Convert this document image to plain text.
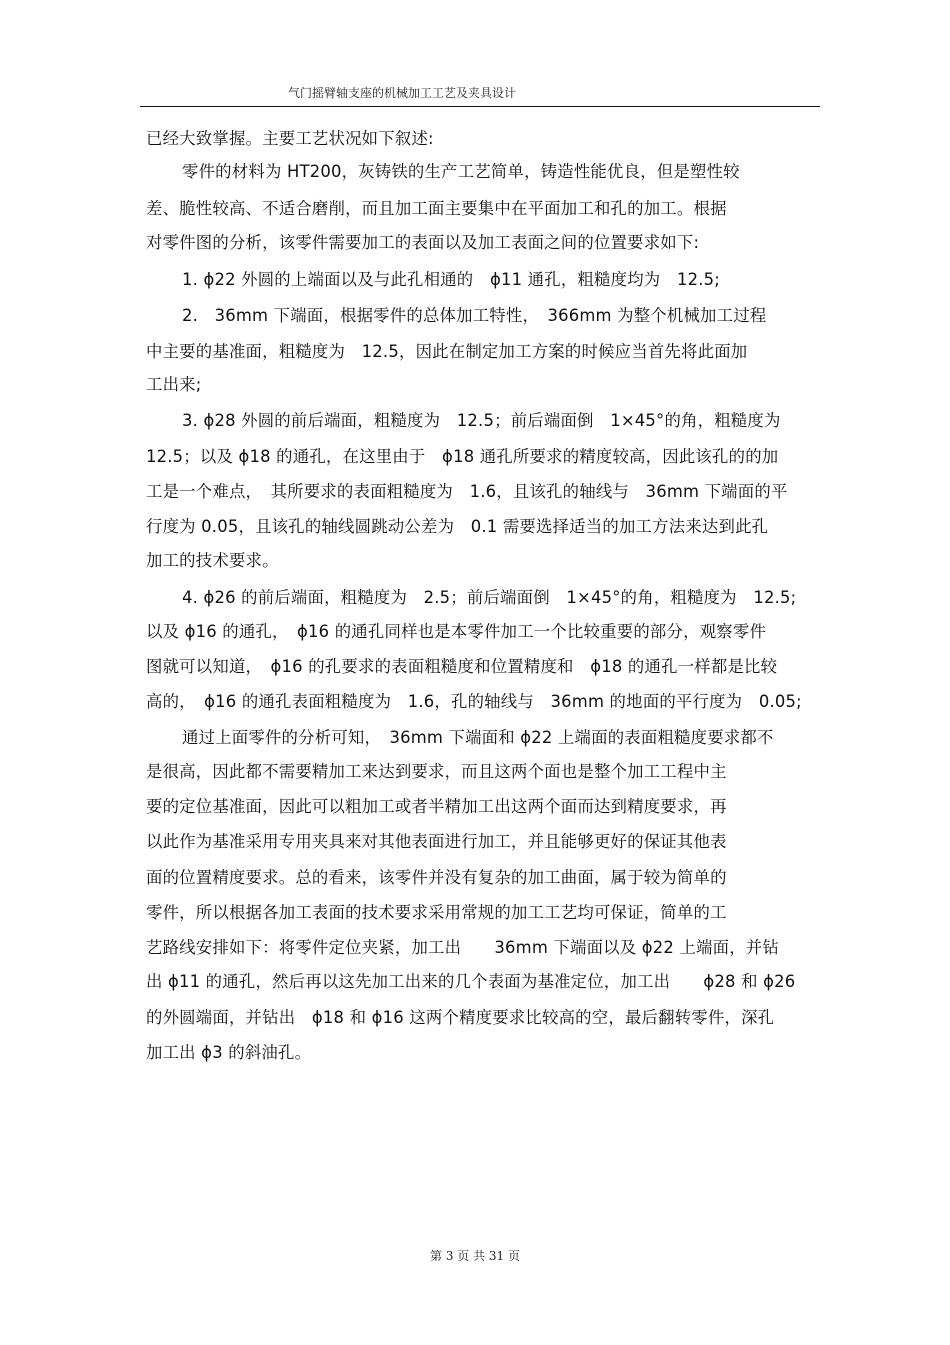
气门摇臂轴支座的机械加工工艺及夹具设计
已经大致掌握。主要工艺状况如下叙述:
零件的材料为 HT200，灰铸铁的生产工艺简单，铸造性能优良，但是塑性较
差、脆性较高、不适合磨削，而且加工面主要集中在平面加工和孔的加工。根据
对零件图的分析，该零件需要加工的表面以及加工表面之间的位置要求如下:
1. ϕ22 外圆的上端面以及与此孔相通的　ϕ11 通孔，粗糙度均为　12.5;
2.　36mm 下端面，根据零件的总体加工特性，　366mm 为整个机械加工过程
中主要的基准面，粗糙度为　12.5，因此在制定加工方案的时候应当首先将此面加
工出来;
3. ϕ28 外圆的前后端面，粗糙度为　12.5；前后端面倒　1×45°的角，粗糙度为
12.5；以及 ϕ18 的通孔，在这里由于　ϕ18 通孔所要求的精度较高，因此该孔的的加
工是一个难点，　其所要求的表面粗糙度为　1.6，且该孔的轴线与　36mm 下端面的平
行度为 0.05，且该孔的轴线圆跳动公差为　0.1 需要选择适当的加工方法来达到此孔
加工的技术要求。
4. ϕ26 的前后端面，粗糙度为　2.5；前后端面倒　1×45°的角，粗糙度为　12.5;
以及 ϕ16 的通孔，　ϕ16 的通孔同样也是本零件加工一个比较重要的部分，观察零件
图就可以知道，　ϕ16 的孔要求的表面粗糙度和位置精度和　ϕ18 的通孔一样都是比较
高的，　ϕ16 的通孔表面粗糙度为　1.6，孔的轴线与　36mm 的地面的平行度为　0.05;
通过上面零件的分析可知，　36mm 下端面和 ϕ22 上端面的表面粗糙度要求都不
是很高，因此都不需要精加工来达到要求，而且这两个面也是整个加工工程中主
要的定位基准面，因此可以粗加工或者半精加工出这两个面而达到精度要求，再
以此作为基准采用专用夹具来对其他表面进行加工，并且能够更好的保证其他表
面的位置精度要求。总的看来，该零件并没有复杂的加工曲面，属于较为简单的
零件，所以根据各加工表面的技术要求采用常规的加工工艺均可保证，简单的工
艺路线安排如下：将零件定位夹紧，加工出　　36mm 下端面以及 ϕ22 上端面，并钻
出 ϕ11 的通孔，然后再以这先加工出来的几个表面为基准定位，加工出　　ϕ28 和 ϕ26
的外圆端面，并钻出　ϕ18 和 ϕ16 这两个精度要求比较高的空，最后翻转零件，深孔
加工出 ϕ3 的斜油孔。
第 3 页 共 31 页
